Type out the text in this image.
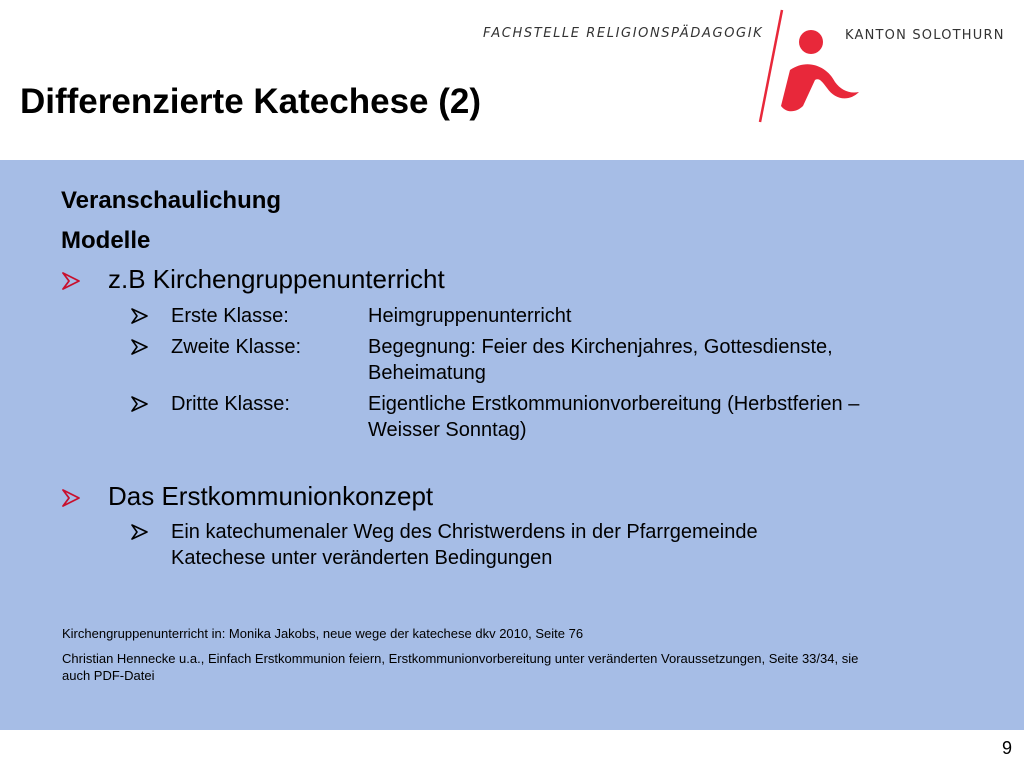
FACHSTELLE RELIGIONSPÄDAGOGIK	KANTON SOLOTHURN
Differenzierte Katechese (2)
Veranschaulichung
Modelle
z.B Kirchengruppenunterricht
Erste Klasse:	Heimgruppenunterricht
Zweite Klasse:	Begegnung: Feier des Kirchenjahres, Gottesdienste,
Beheimatung
Dritte Klasse:	Eigentliche Erstkommunionvorbereitung (Herbstferien –
Weisser Sonntag)
Das Erstkommunionkonzept
Ein katechumenaler Weg des Christwerdens in der Pfarrgemeinde
Katechese unter veränderten Bedingungen
Kirchengruppenunterricht in: Monika Jakobs, neue wege der katechese dkv 2010, Seite 76
Christian Hennecke u.a., Einfach Erstkommunion feiern, Erstkommunionvorbereitung unter veränderten Voraussetzungen, Seite 33/34, sie
auch PDF-Datei
9
